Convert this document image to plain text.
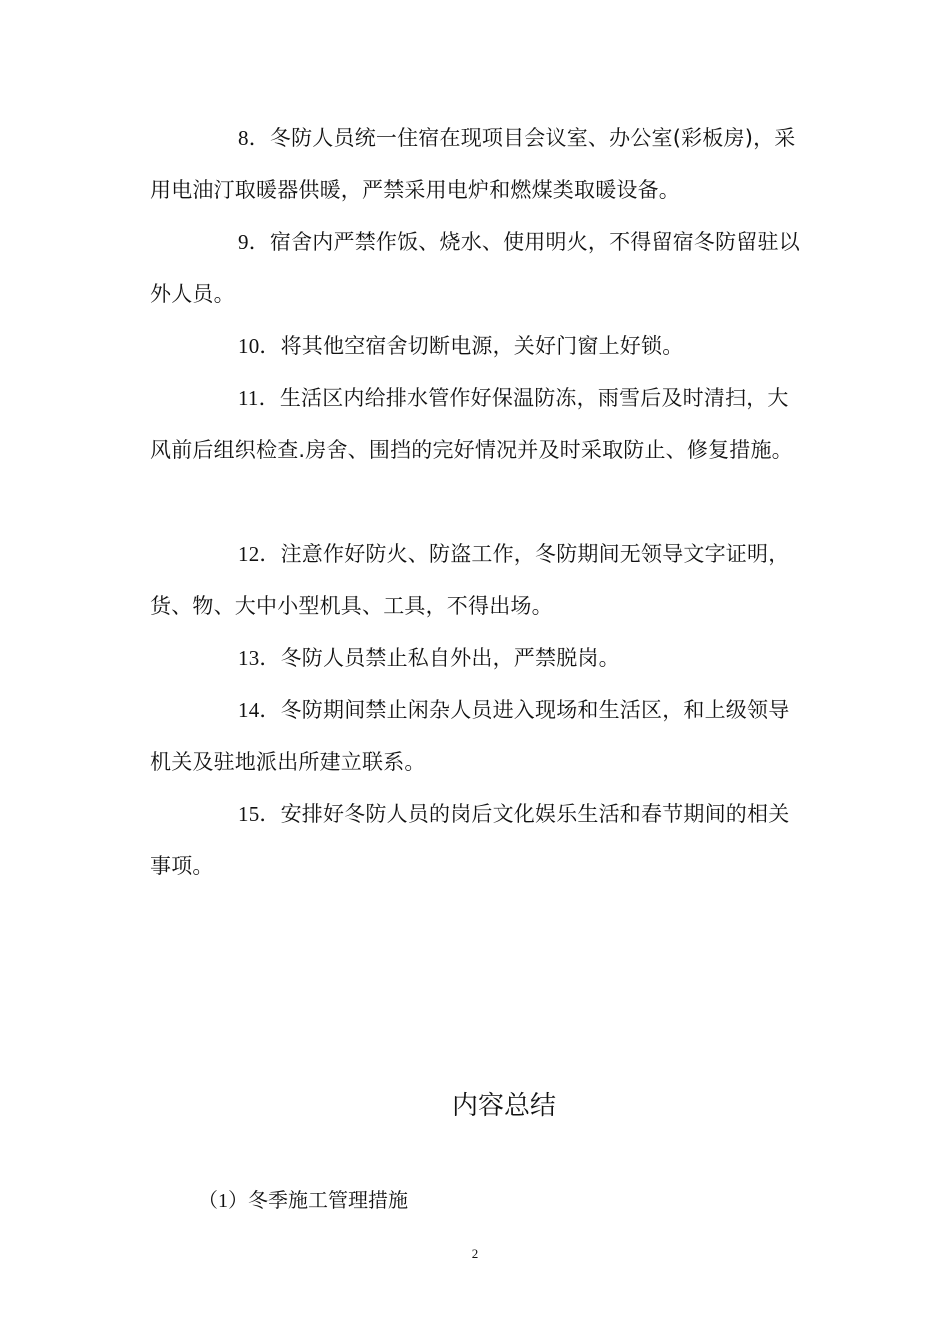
8．冬防人员统一住宿在现项目会议室、办公室(彩板房)，采用电油汀取暖器供暖，严禁采用电炉和燃煤类取暖设备。

9．宿舍内严禁作饭、烧水、使用明火，不得留宿冬防留驻以外人员。

10．将其他空宿舍切断电源，关好门窗上好锁。

11．生活区内给排水管作好保温防冻，雨雪后及时清扫，大风前后组织检查.房舍、围挡的完好情况并及时采取防止、修复措施。

12．注意作好防火、防盗工作，冬防期间无领导文字证明，货、物、大中小型机具、工具，不得出场。

13．冬防人员禁止私自外出，严禁脱岗。

14．冬防期间禁止闲杂人员进入现场和生活区，和上级领导机关及驻地派出所建立联系。

15．安排好冬防人员的岗后文化娱乐生活和春节期间的相关事项。

内容总结
（1）冬季施工管理措施
2
